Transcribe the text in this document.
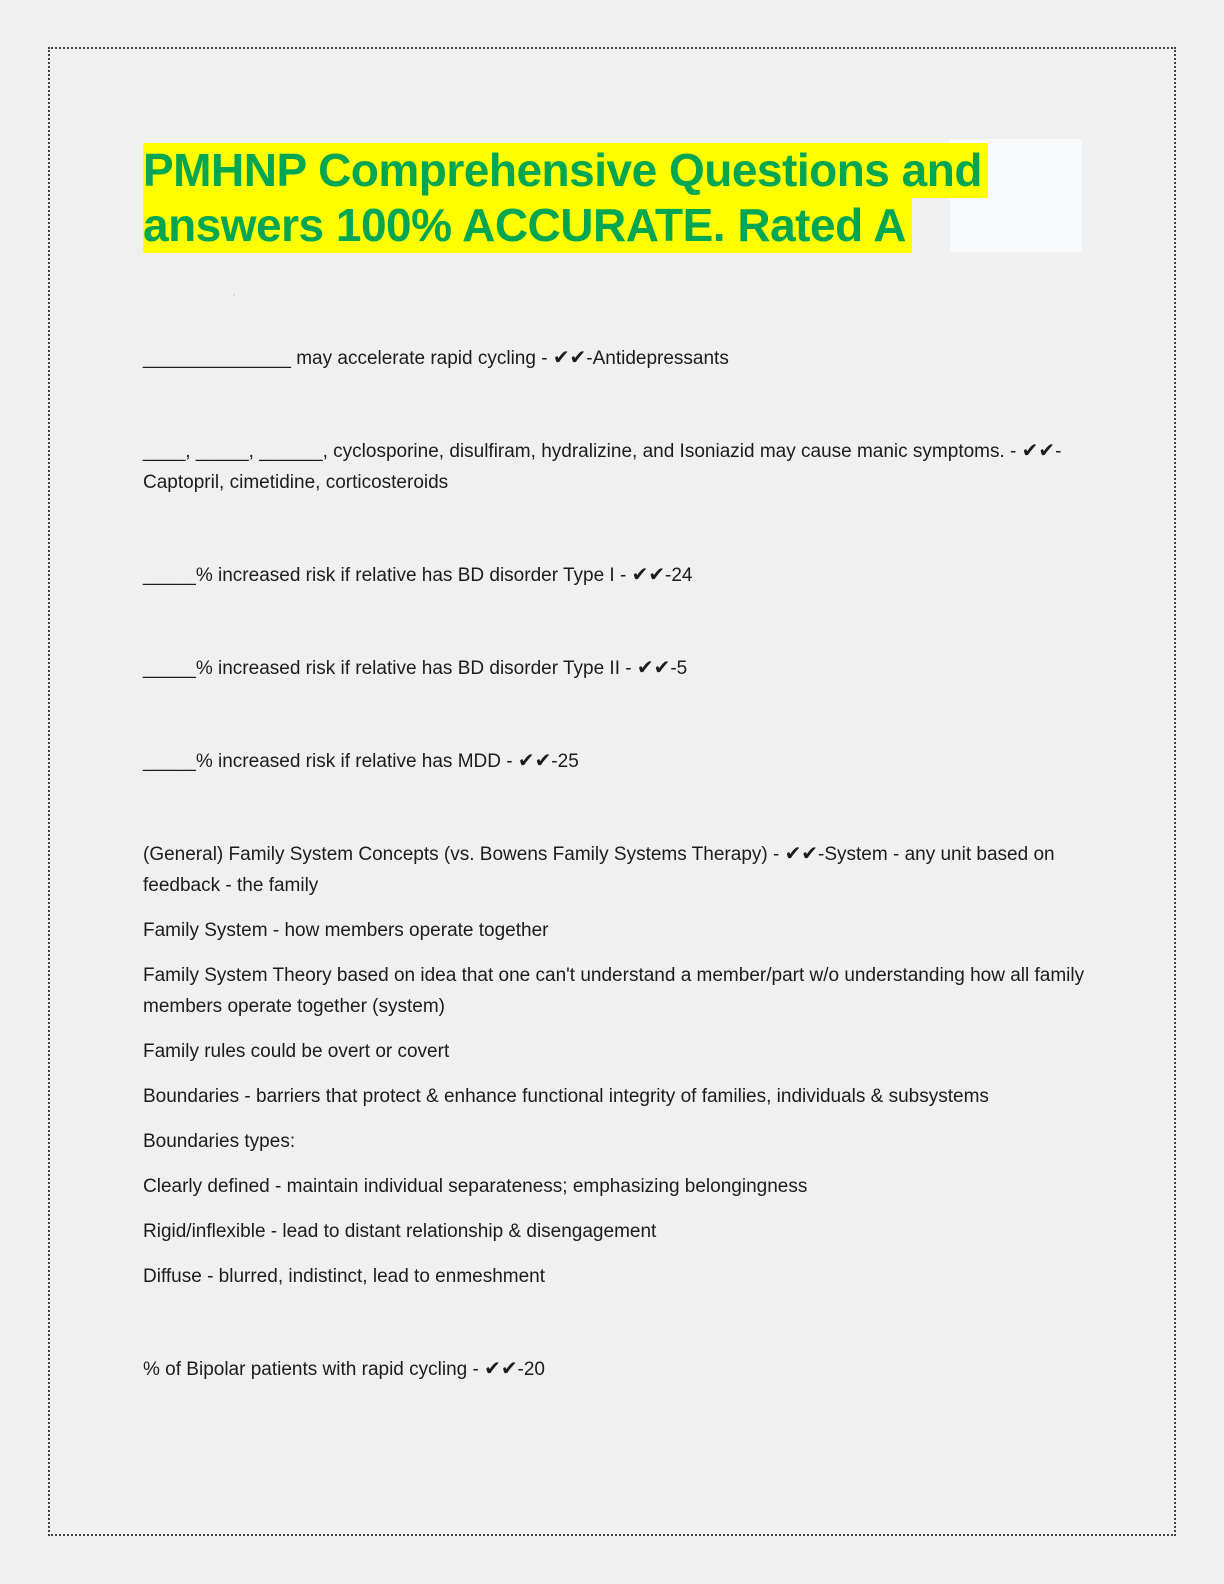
PMHNP Comprehensive Questions and
answers 100% ACCURATE. Rated A
'

______________ may accelerate rapid cycling - ✔✔-Antidepressants

____, _____, ______, cyclosporine, disulfiram, hydralizine, and Isoniazid may cause manic symptoms. - ✔✔-Captopril, cimetidine, corticosteroids

_____% increased risk if relative has BD disorder Type I - ✔✔-24

_____% increased risk if relative has BD disorder Type II - ✔✔-5

_____% increased risk if relative has MDD - ✔✔-25

(General) Family System Concepts (vs. Bowens Family Systems Therapy) - ✔✔-System - any unit based on feedback - the family

Family System - how members operate together

Family System Theory based on idea that one can't understand a member/part w/o understanding how all family members operate together (system)

Family rules could be overt or covert

Boundaries - barriers that protect & enhance functional integrity of families, individuals & subsystems

Boundaries types:

Clearly defined - maintain individual separateness; emphasizing belongingness

Rigid/inflexible - lead to distant relationship & disengagement

Diffuse - blurred, indistinct, lead to enmeshment

% of Bipolar patients with rapid cycling - ✔✔-20
